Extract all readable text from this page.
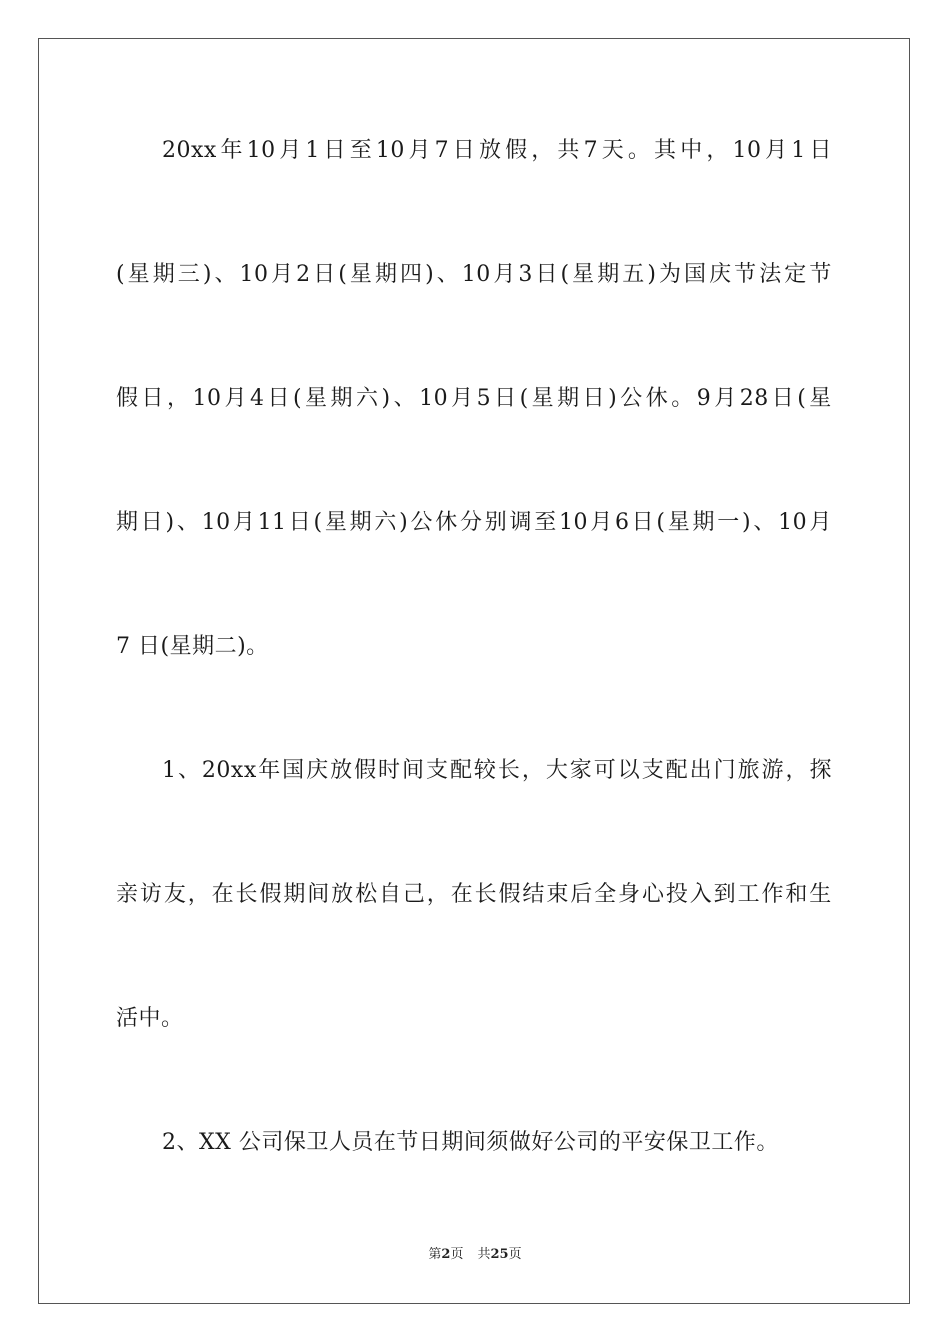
20xx 年 10 月 1 日 至 10 月 7 日 放 假 ， 共 7 天 。 其 中 ， 10 月 1 日
( 星 期 三 ) 、 10 月 2 日 ( 星 期 四 ) 、 10 月 3 日 ( 星 期 五 ) 为 国 庆 节 法 定 节
假 日 ， 10 月 4 日 ( 星 期 六 ) 、 10 月 5 日 ( 星 期 日 ) 公 休 。 9 月 28 日 ( 星
期 日 ) 、 10 月 11 日 ( 星 期 六 ) 公 休 分 别 调 至 10 月 6 日 ( 星 期 一 ) 、 10 月
7 日(星期二)。
1 、 20xx 年 国 庆 放 假 时 间 支 配 较 长 ， 大 家 可 以 支 配 出 门 旅 游 ， 探
亲 访 友 ， 在 长 假 期 间 放 松 自 己 ， 在 长 假 结 束 后 全 身 心 投 入 到 工 作 和 生
活中。
2、XX 公司保卫人员在节日期间须做好公司的平安保卫工作。
第2页 共25页
